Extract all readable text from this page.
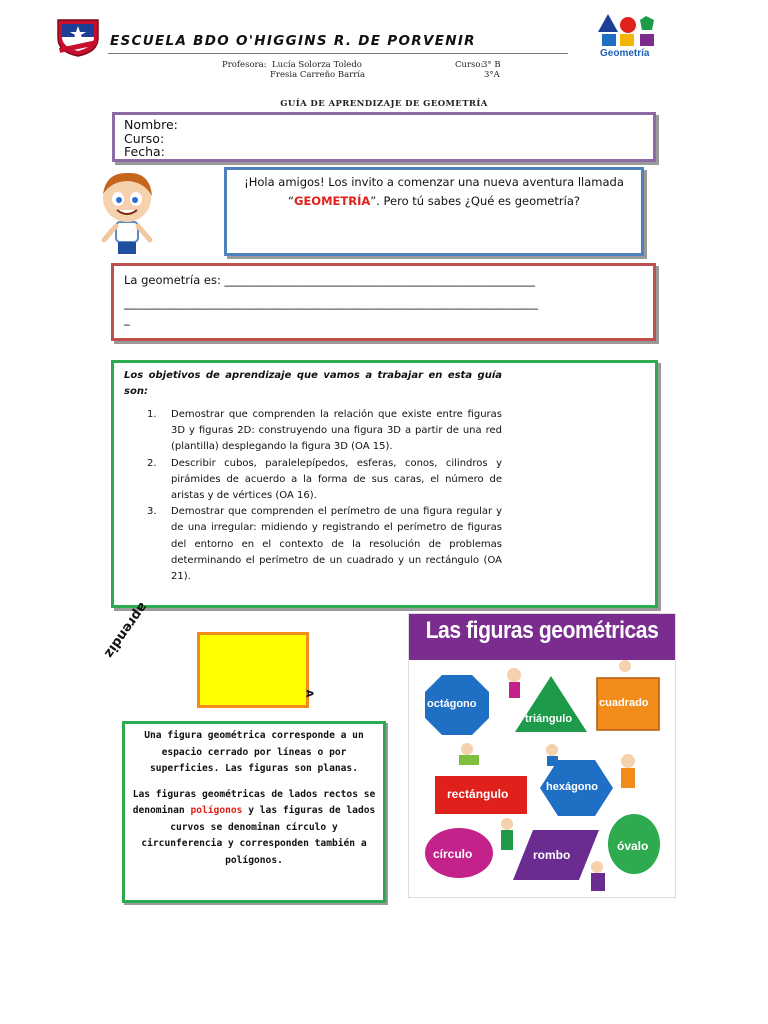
ESCUELA BDO O'HIGGINS R. DE PORVENIR
Geometría
Profesora: Lucía Solorza Toledo
Fresia Carreño Barría
Curso:
3° B
3°A
GUÍA DE APRENDIZAJE DE GEOMETRÍA
Nombre:
Curso:
Fecha:
¡Hola amigos! Los invito a comenzar una nueva aventura llamada
“GEOMETRÍA”. Pero tú sabes ¿Qué es geometría?
La geometría es: ______________________________________________________
________________________________________________________________________
_
Los objetivos de aprendizaje que vamos a trabajar en esta guía son:
1.	Demostrar que comprenden la relación que existe entre figuras 3D y figuras 2D: construyendo una figura 3D a partir de una red (plantilla) desplegando la figura 3D (OA 15).
2.	Describir cubos, paralelepípedos, esferas, conos, cilindros y pirámides de acuerdo a la forma de sus caras, el número de aristas y de vértices (OA 16).
3.	Demostrar que comprenden el perímetro de una figura regular y de una irregular: midiendo y registrando el perímetro de figuras del entorno en el contexto de la resolución de problemas determinando el perímetro de un cuadrado y un rectángulo (OA 21).
aprendiz
A

Una figura geométrica corresponde a un espacio cerrado por líneas o por superficies. Las figuras son planas.

Las figuras geométricas de lados rectos se denominan polígonos y las figuras de lados curvos se denominan círculo y circunferencia y corresponden también a polígonos.

Las figuras geométricas
octágono
triángulo
cuadrado
rectángulo	hexágono
círculo	rombo
óvalo
